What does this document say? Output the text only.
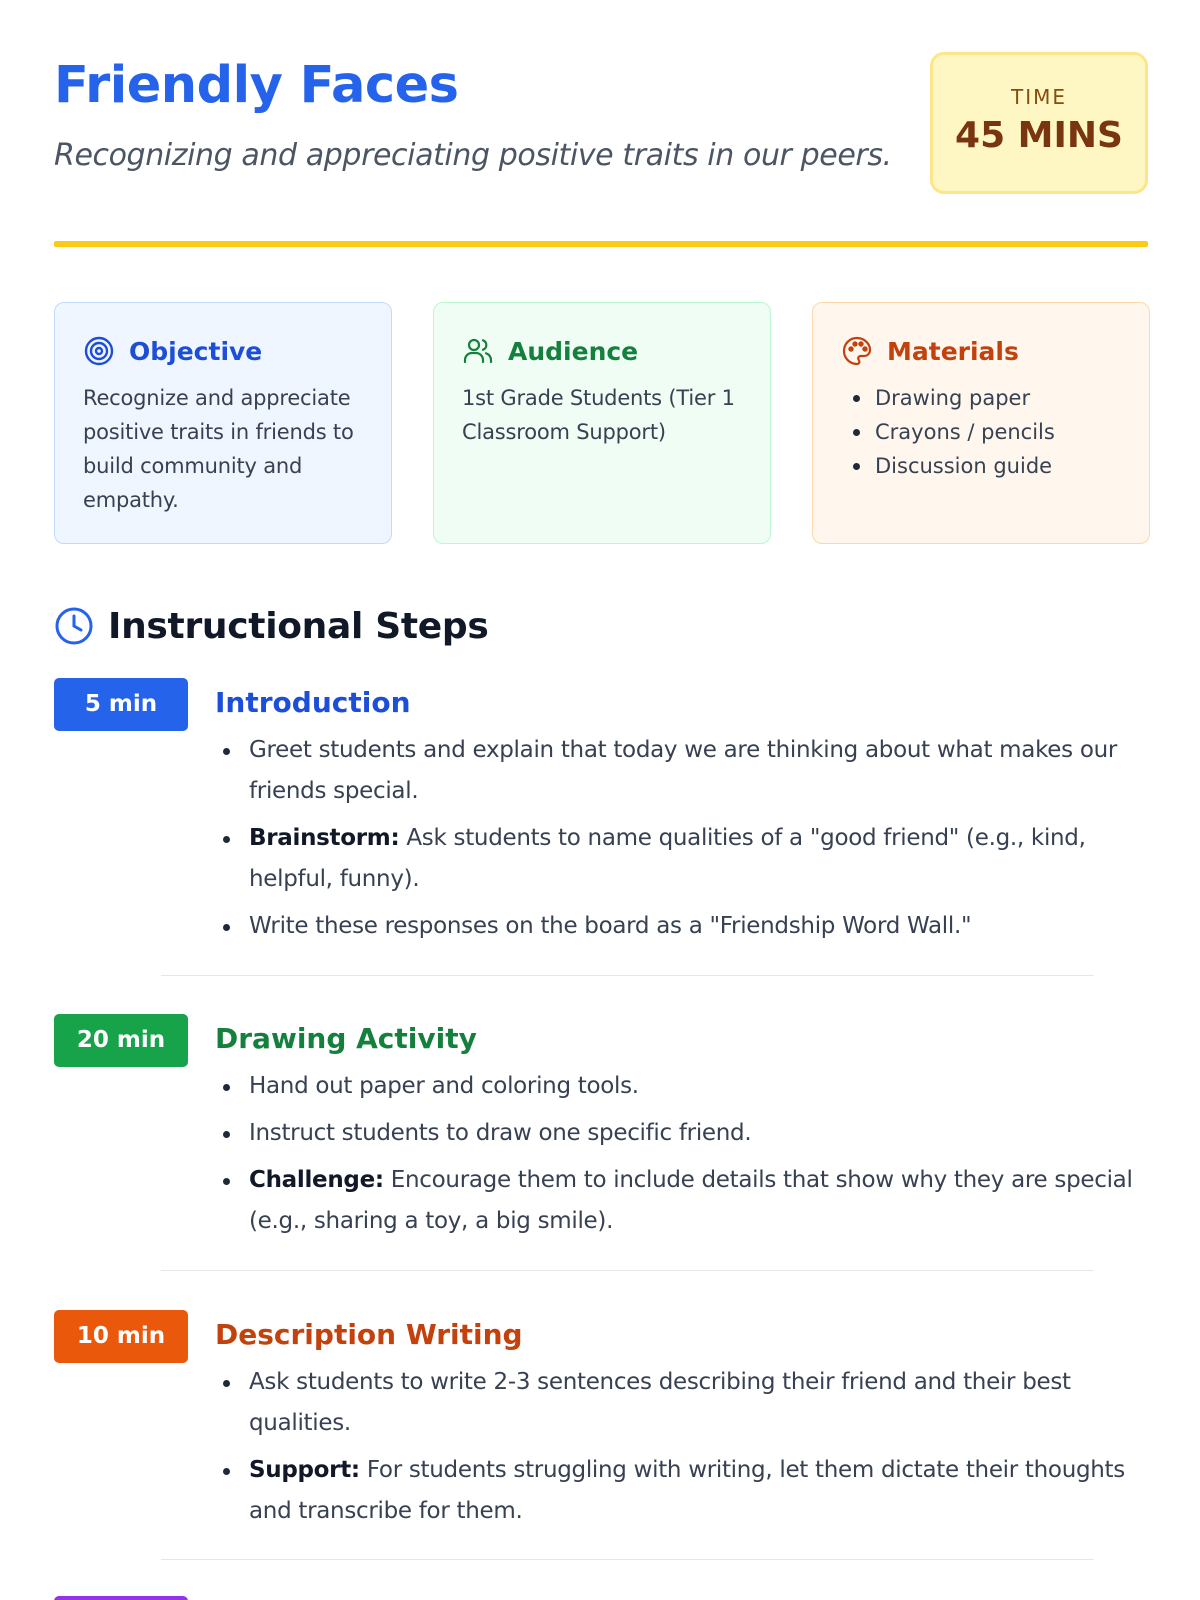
Friendly Faces

Recognizing and appreciating positive traits in our peers.

TIME
45 MINS
Objective
Recognize and appreciate positive traits in friends to build community and empathy.
Audience
1st Grade Students (Tier 1 Classroom Support)
Materials
Drawing paper
Crayons / pencils
Discussion guide
Instructional Steps
5 min	Introduction
Greet students and explain that today we are thinking about what makes our friends special.
Brainstorm: Ask students to name qualities of a "good friend" (e.g., kind, helpful, funny).
Write these responses on the board as a "Friendship Word Wall."
20 min	Drawing Activity
Hand out paper and coloring tools.
Instruct students to draw one specific friend.
Challenge: Encourage them to include details that show why they are special (e.g., sharing a toy, a big smile).
10 min	Description Writing
Ask students to write 2-3 sentences describing their friend and their best qualities.
Support: For students struggling with writing, let them dictate their thoughts and transcribe for them.
